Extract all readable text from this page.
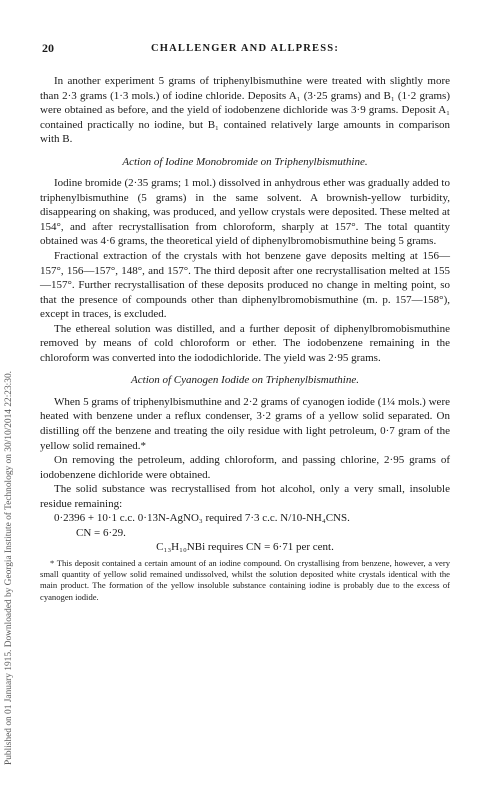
Published on 01 January 1915. Downloaded by Georgia Institute of Technology on 30/10/2014 22:23:30.
20	CHALLENGER AND ALLPRESS:

In another experiment 5 grams of triphenylbismuthine were treated with slightly more than 2·3 grams (1·3 mols.) of iodine chloride. Deposits A₁ (3·25 grams) and B₁ (1·2 grams) were obtained as before, and the yield of iodobenzene dichloride was 3·9 grams. Deposit A₁ contained practically no iodine, but B₁ contained relatively large amounts in comparison with B.

Action of Iodine Monobromide on Triphenylbismuthine.

Iodine bromide (2·35 grams; 1 mol.) dissolved in anhydrous ether was gradually added to triphenylbismuthine (5 grams) in the same solvent. A brownish-yellow turbidity, disappearing on shaking, was produced, and yellow crystals were deposited. These melted at 154°, and after recrystallisation from chloroform, sharply at 157°. The total quantity obtained was 4·6 grams, the theoretical yield of diphenylbromobismuthine being 5 grams.

Fractional extraction of the crystals with hot benzene gave deposits melting at 156—157°, 156—157°, 148°, and 157°. The third deposit after one recrystallisation melted at 155—157°. Further recrystallisation of these deposits produced no change in melting point, so that the presence of compounds other than diphenylbromobismuthine (m. p. 157—158°), except in traces, is excluded.

The ethereal solution was distilled, and a further deposit of diphenylbromobismuthine removed by means of cold chloroform or ether. The iodobenzene remaining in the chloroform was converted into the iododichloride. The yield was 2·95 grams.

Action of Cyanogen Iodide on Triphenylbismuthine.

When 5 grams of triphenylbismuthine and 2·2 grams of cyanogen iodide (1¼ mols.) were heated with benzene under a reflux condenser, 3·2 grams of a yellow solid separated. On distilling off the benzene and treating the oily residue with light petroleum, 0·7 gram of the yellow solid remained.*

On removing the petroleum, adding chloroform, and passing chlorine, 2·95 grams of iodobenzene dichloride were obtained.

The solid substance was recrystallised from hot alcohol, only a very small, insoluble residue remaining:

0·2396 + 10·1 c.c. 0·13N-AgNO₃ required 7·3 c.c. N/10-NH₄CNS.

CN = 6·29.

C₁₃H₁₀NBi requires CN = 6·71 per cent.

* This deposit contained a certain amount of an iodine compound. On crystallising from benzene, however, a very small quantity of yellow solid remained undissolved, whilst the solution deposited white crystals identical with the main product. The formation of the yellow insoluble substance containing iodine is probably due to the excess of cyanogen iodide.
